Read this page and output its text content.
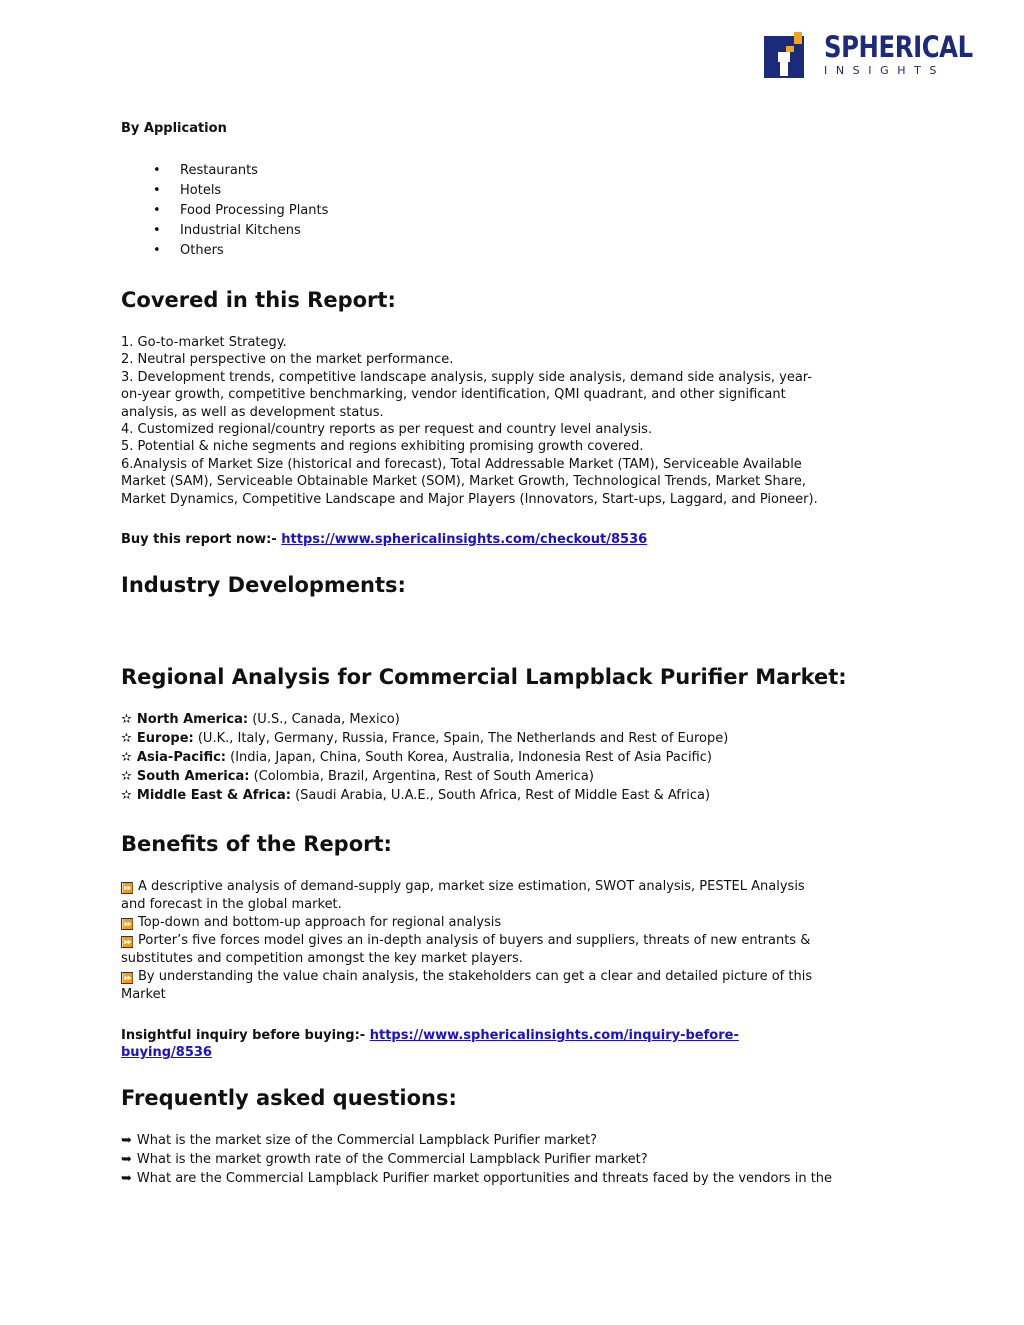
SPHERICAL
INSIGHTS

By Application

• Restaurants
• Hotels
• Food Processing Plants
• Industrial Kitchens
• Others
Covered in this Report:
1. Go-to-market Strategy.
2. Neutral perspective on the market performance.
3. Development trends, competitive landscape analysis, supply side analysis, demand side analysis, year-
on-year growth, competitive benchmarking, vendor identification, QMI quadrant, and other significant
analysis, as well as development status.
4. Customized regional/country reports as per request and country level analysis.
5. Potential & niche segments and regions exhibiting promising growth covered.
6.Analysis of Market Size (historical and forecast), Total Addressable Market (TAM), Serviceable Available
Market (SAM), Serviceable Obtainable Market (SOM), Market Growth, Technological Trends, Market Share,
Market Dynamics, Competitive Landscape and Major Players (Innovators, Start-ups, Laggard, and Pioneer).

Buy this report now:- https://www.sphericalinsights.com/checkout/8536

Industry Developments:
Regional Analysis for Commercial Lampblack Purifier Market:
✫ North America: (U.S., Canada, Mexico)
✫ Europe: (U.K., Italy, Germany, Russia, France, Spain, The Netherlands and Rest of Europe)
✫ Asia-Pacific: (India, Japan, China, South Korea, Australia, Indonesia Rest of Asia Pacific)
✫ South America: (Colombia, Brazil, Argentina, Rest of South America)
✫ Middle East & Africa: (Saudi Arabia, U.A.E., South Africa, Rest of Middle East & Africa)
Benefits of the Report:
⏩ A descriptive analysis of demand-supply gap, market size estimation, SWOT analysis, PESTEL Analysis
and forecast in the global market.
⏩ Top-down and bottom-up approach for regional analysis
⏩ Porter’s five forces model gives an in-depth analysis of buyers and suppliers, threats of new entrants &
substitutes and competition amongst the key market players.
⏩ By understanding the value chain analysis, the stakeholders can get a clear and detailed picture of this
Market

Insightful inquiry before buying:- https://www.sphericalinsights.com/inquiry-before-
buying/8536

Frequently asked questions:
➥ What is the market size of the Commercial Lampblack Purifier market?
➥ What is the market growth rate of the Commercial Lampblack Purifier market?
➥ What are the Commercial Lampblack Purifier market opportunities and threats faced by the vendors in the
